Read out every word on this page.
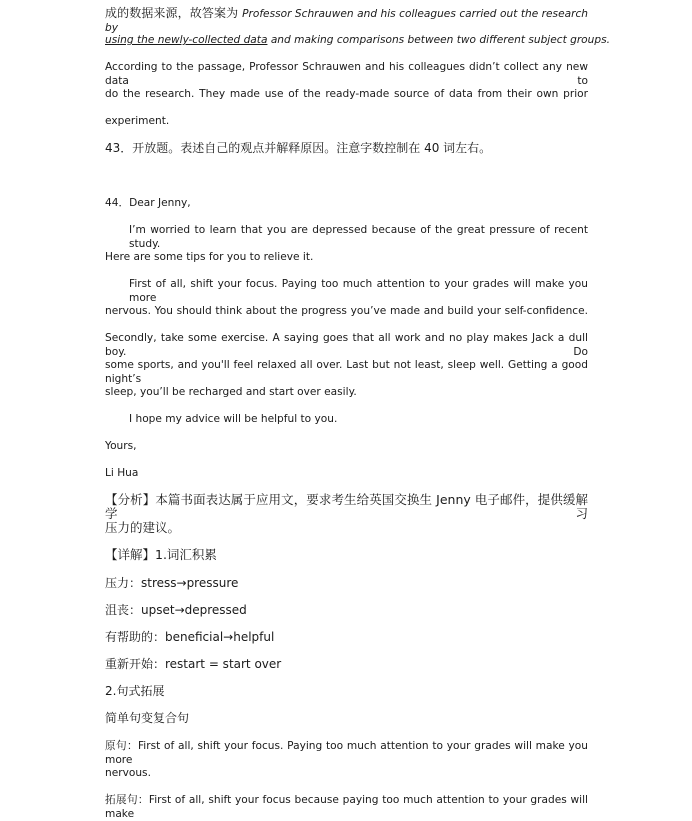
成的数据来源，故答案为 Professor Schrauwen and his colleagues carried out the research by
using the newly-collected data and making comparisons between two different subject groups.
According to the passage, Professor Schrauwen and his colleagues didn’t collect any new data to
do the research. They made use of the ready-made source of data from their own prior
experiment.
43．开放题。表述自己的观点并解释原因。注意字数控制在 40 词左右。
44．Dear Jenny,
I’m worried to learn that you are depressed because of the great pressure of recent study.
Here are some tips for you to relieve it.
First of all, shift your focus. Paying too much attention to your grades will make you more
nervous. You should think about the progress you’ve made and build your self-confidence.
Secondly, take some exercise. A saying goes that all work and no play makes Jack a dull boy. Do
some sports, and you'll feel relaxed all over. Last but not least, sleep well. Getting a good night’s
sleep, you’ll be recharged and start over easily.
I hope my advice will be helpful to you.
Yours,
Li Hua
【分析】本篇书面表达属于应用文，要求考生给英国交换生 Jenny 电子邮件，提供缓解学习
压力的建议。
【详解】1.词汇积累
压力：stress→pressure
沮丧：upset→depressed
有帮助的：beneficial→helpful
重新开始：restart = start over
2.句式拓展
简单句变复合句
原句：First of all, shift your focus. Paying too much attention to your grades will make you more
nervous.
拓展句：First of all, shift your focus because paying too much attention to your grades will make
